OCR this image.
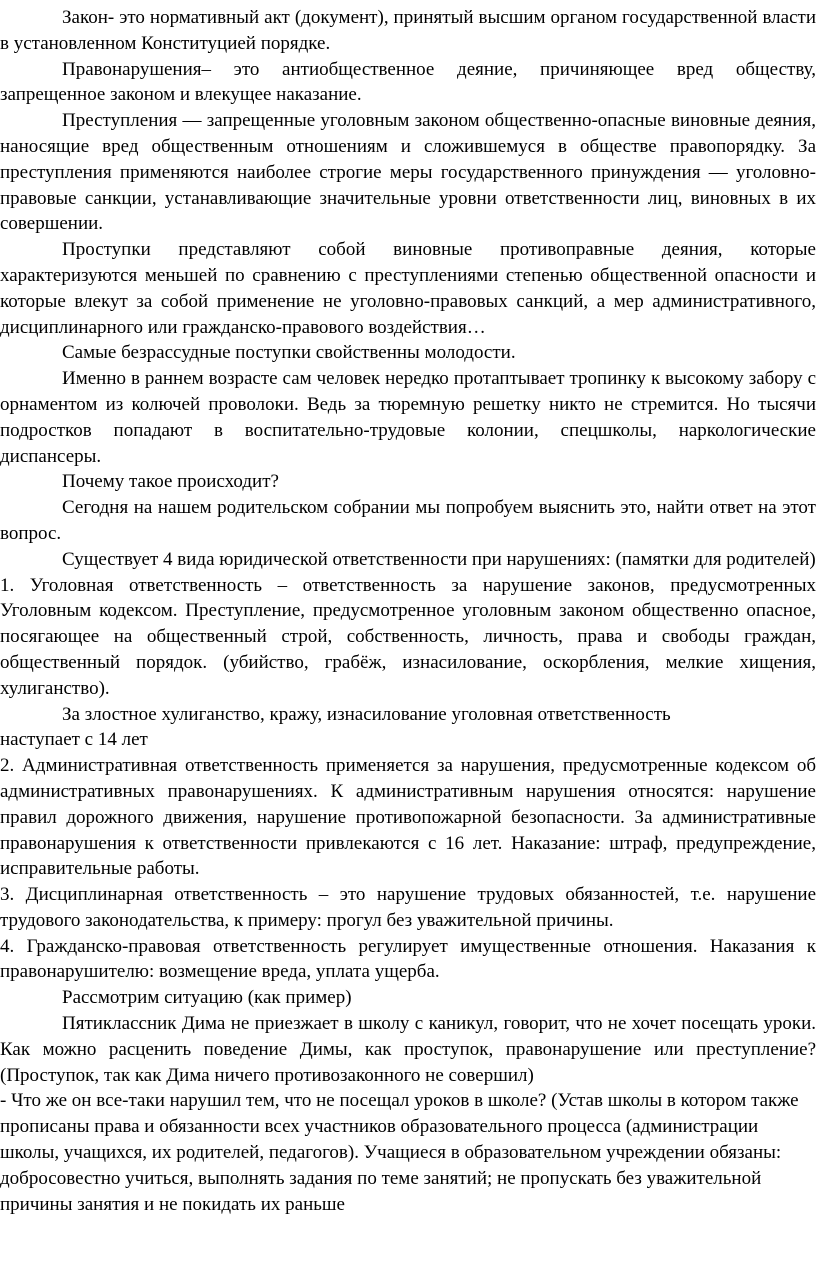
Закон- это нормативный акт (документ), принятый высшим органом государственной власти в установленном Конституцией порядке.

Правонарушения– это антиобщественное деяние, причиняющее вред обществу, запрещенное законом и влекущее наказание.

Преступления — запрещенные уголовным законом общественно-опасные виновные деяния, наносящие вред общественным отношениям и сложившемуся в обществе правопорядку. За преступления применяются наиболее строгие меры государственного принуждения — уголовно-правовые санкции, устанавливающие значительные уровни ответственности лиц, виновных в их совершении.

Проступки представляют собой виновные противоправные деяния, которые характеризуются меньшей по сравнению с преступлениями степенью общественной опасности и которые влекут за собой применение не уголовно-правовых санкций, а мер административного, дисциплинарного или гражданско-правового воздействия…

Самые безрассудные поступки свойственны молодости.

Именно в раннем возрасте сам человек нередко протаптывает тропинку к высокому забору с орнаментом из колючей проволоки. Ведь за тюремную решетку никто не стремится. Но тысячи подростков попадают в воспитательно-трудовые колонии, спецшколы, наркологические диспансеры.

Почему такое происходит?

Сегодня на нашем родительском собрании мы попробуем выяснить это, найти ответ на этот вопрос.

Существует 4 вида юридической ответственности при нарушениях: (памятки для родителей)

1. Уголовная ответственность – ответственность за нарушение законов, предусмотренных Уголовным кодексом. Преступление, предусмотренное уголовным законом общественно опасное, посягающее на общественный строй, собственность, личность, права и свободы граждан, общественный порядок. (убийство, грабёж, изнасилование, оскорбления, мелкие хищения, хулиганство).

За злостное хулиганство, кражу, изнасилование уголовная ответственность

наступает с 14 лет

2. Административная ответственность применяется за нарушения, предусмотренные кодексом об административных правонарушениях. К административным нарушения относятся: нарушение правил дорожного движения, нарушение противопожарной безопасности. За административные правонарушения к ответственности привлекаются с 16 лет. Наказание: штраф, предупреждение, исправительные работы.

3. Дисциплинарная ответственность – это нарушение трудовых обязанностей, т.е. нарушение трудового законодательства, к примеру: прогул без уважительной причины.

4. Гражданско-правовая ответственность регулирует имущественные отношения. Наказания к правонарушителю: возмещение вреда, уплата ущерба.

Рассмотрим ситуацию (как пример)

Пятиклассник Дима не приезжает в школу с каникул, говорит, что не хочет посещать уроки. Как можно расценить поведение Димы, как проступок, правонарушение или преступление? (Проступок, так как Дима ничего противозаконного не совершил)

- Что же он все-таки нарушил тем, что не посещал уроков в школе? (Устав школы в котором также прописаны права и обязанности всех участников образовательного процесса (администрации школы, учащихся, их родителей, педагогов). Учащиеся в образовательном учреждении обязаны: добросовестно учиться, выполнять задания по теме занятий; не пропускать без уважительной причины занятия и не покидать их раньше
